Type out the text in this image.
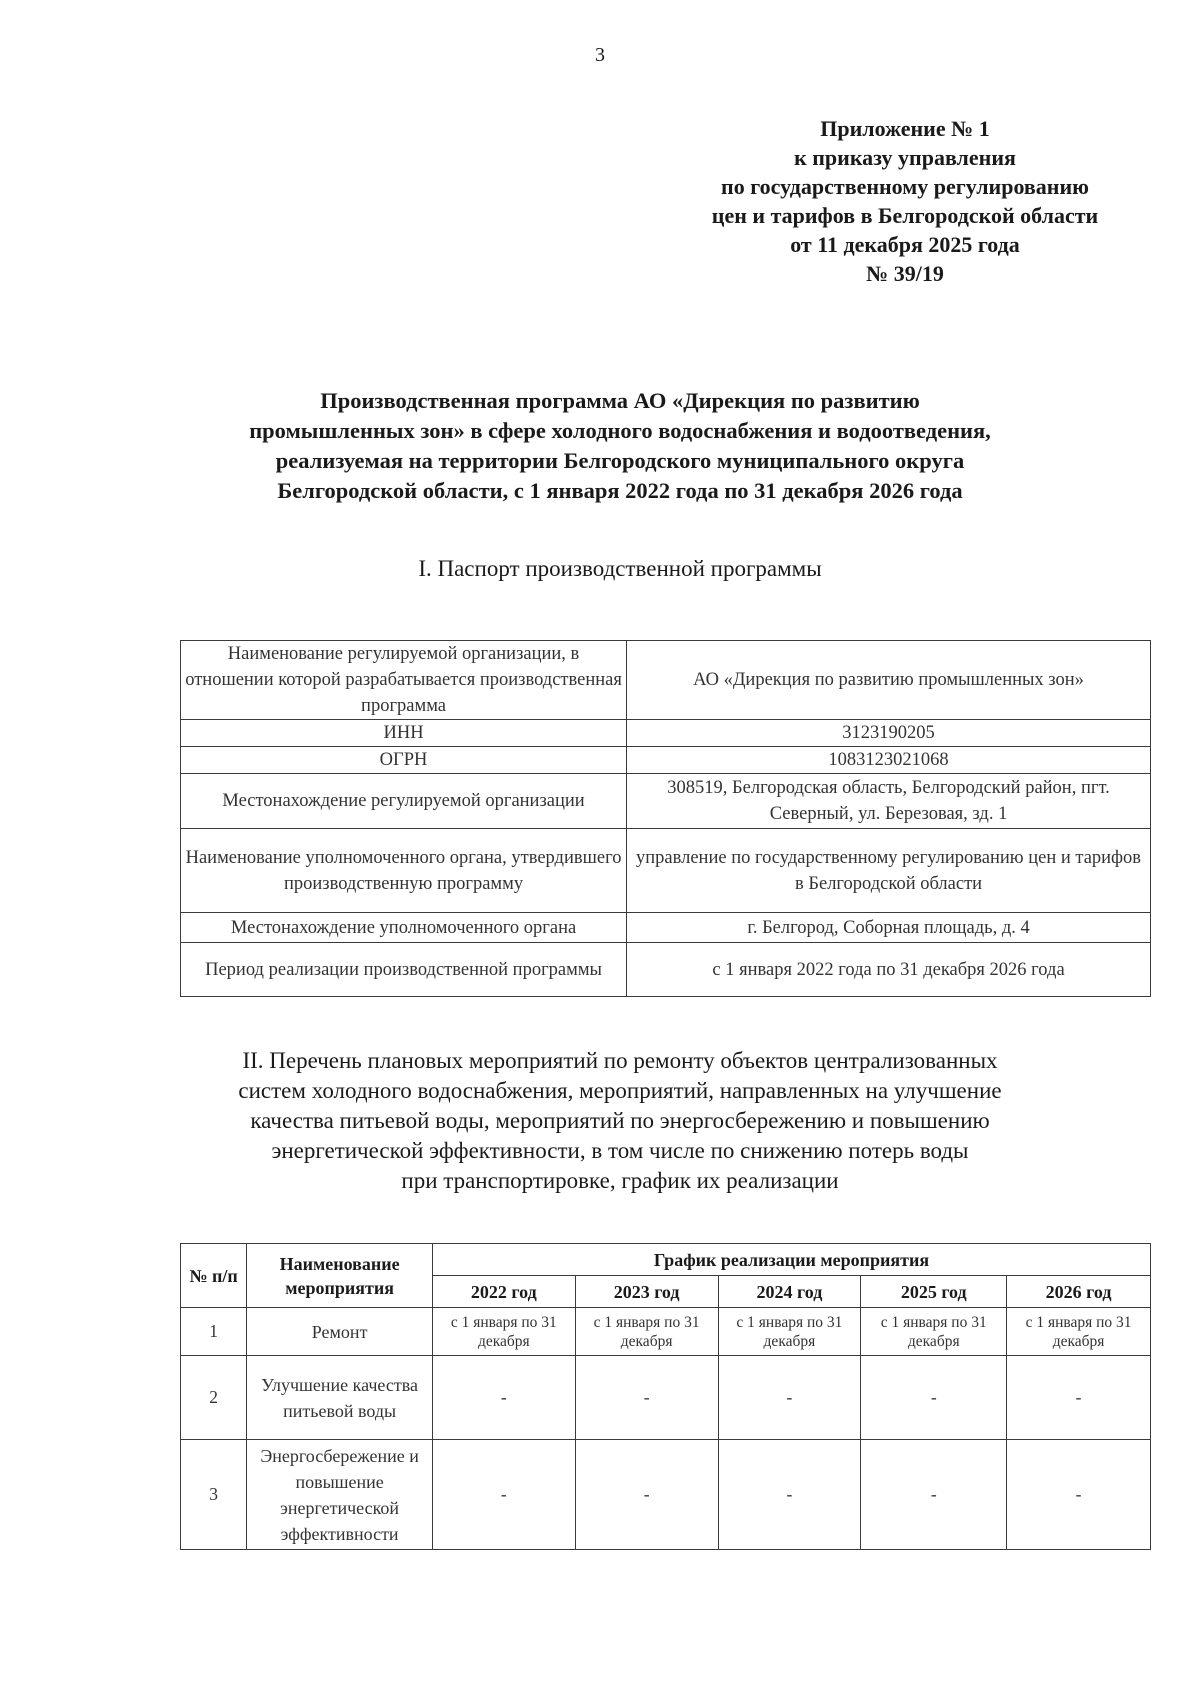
3
Приложение № 1
к приказу управления
по государственному регулированию
цен и тарифов в Белгородской области
от 11 декабря 2025 года
№ 39/19
Производственная программа АО «Дирекция по развитию
промышленных зон» в сфере холодного водоснабжения и водоотведения,
реализуемая на территории Белгородского муниципального округа
Белгородской области, с 1 января 2022 года по 31 декабря 2026 года
I. Паспорт производственной программы
Наименование регулируемой организации, в отношении которой разрабатывается производственная программа	АО «Дирекция по развитию промышленных зон»
ИНН	3123190205
ОГРН	1083123021068
Местонахождение регулируемой организации	308519, Белгородская область, Белгородский район, пгт. Северный, ул. Березовая, зд. 1
Наименование уполномоченного органа, утвердившего производственную программу	управление по государственному регулированию цен и тарифов в Белгородской области
Местонахождение уполномоченного органа	г. Белгород, Соборная площадь, д. 4
Период реализации производственной программы	с 1 января 2022 года по 31 декабря 2026 года
II. Перечень плановых мероприятий по ремонту объектов централизованных
систем холодного водоснабжения, мероприятий, направленных на улучшение
качества питьевой воды, мероприятий по энергосбережению и повышению
энергетической эффективности, в том числе по снижению потерь воды
при транспортировке, график их реализации
№ п/п	Наименование мероприятия	График реализации мероприятия				
		2022 год	2023 год	2024 год	2025 год	2026 год
1	Ремонт	с 1 января по 31 декабря	с 1 января по 31 декабря	с 1 января по 31 декабря	с 1 января по 31 декабря	с 1 января по 31 декабря
2	Улучшение качества питьевой воды	-	-	-	-	-
3	Энергосбережение и повышение энергетической эффективности	-	-	-	-	-
